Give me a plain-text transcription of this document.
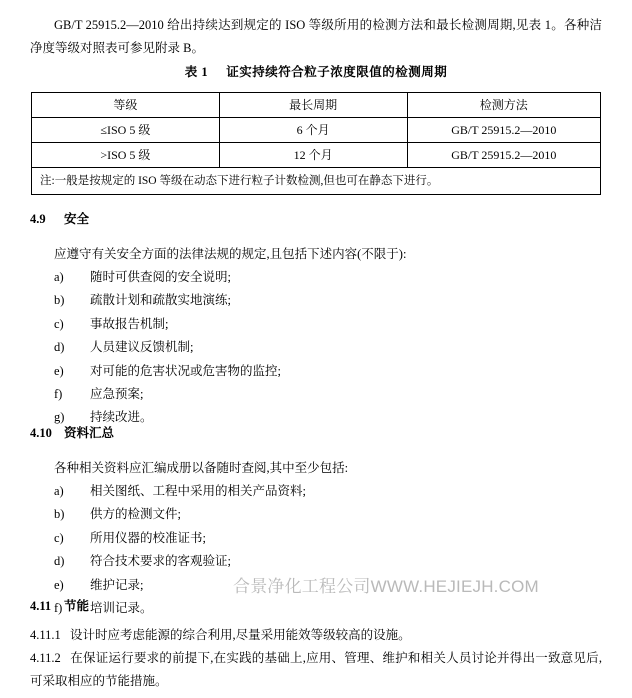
GB/T 25915.2—2010 给出持续达到规定的 ISO 等级所用的检测方法和最长检测周期,见表 1。各种洁净度等级对照表可参见附录 B。
表 1 证实持续符合粒子浓度限值的检测周期
等级	最长周期	检测方法
≤ISO 5 级	6 个月	GB/T 25915.2—2010
>ISO 5 级	12 个月	GB/T 25915.2—2010
注:一般是按规定的 ISO 等级在动态下进行粒子计数检测,但也可在静态下进行。		
4.9 安全
应遵守有关安全方面的法律法规的规定,且包括下述内容(不限于):
a) 随时可供查阅的安全说明;
b) 疏散计划和疏散实地演练;
c) 事故报告机制;
d) 人员建议反馈机制;
e) 对可能的危害状况或危害物的监控;
f) 应急预案;
g) 持续改进。
4.10 资料汇总
各种相关资料应汇编成册以备随时查阅,其中至少包括:
a) 相关图纸、工程中采用的相关产品资料;
b) 供方的检测文件;
c) 所用仪器的校准证书;
d) 符合技术要求的客观验证;
e) 维护记录;
f) 培训记录。
合景净化工程公司WWW.HEJIEJH.COM
4.11 节能
4.11.1 设计时应考虑能源的综合利用,尽量采用能效等级较高的设施。
4.11.2 在保证运行要求的前提下,在实践的基础上,应用、管理、维护和相关人员讨论并得出一致意见后,可采取相应的节能措施。
